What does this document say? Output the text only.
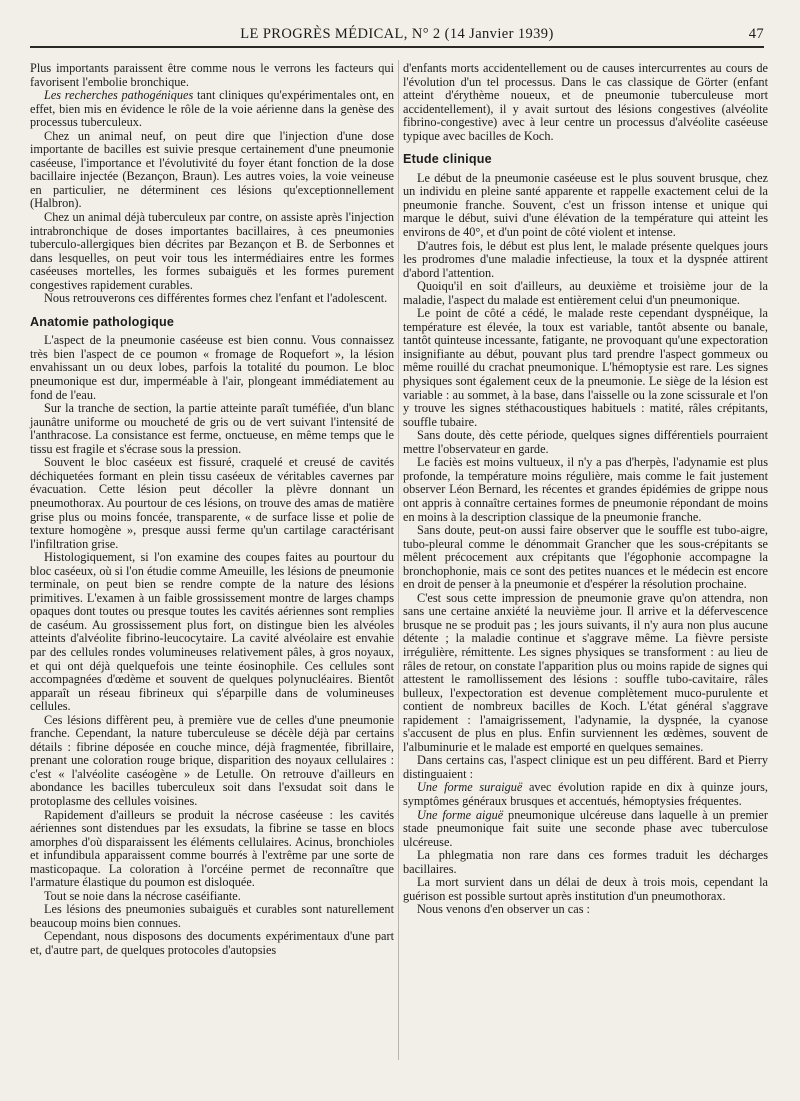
LE PROGRÈS MÉDICAL, N° 2 (14 Janvier 1939)	47

Plus importants paraissent être comme nous le verrons les facteurs qui favorisent l'embolie bronchique.

Les recherches pathogéniques tant cliniques qu'expérimentales ont, en effet, bien mis en évidence le rôle de la voie aérienne dans la genèse des processus tuberculeux.

Chez un animal neuf, on peut dire que l'injection d'une dose importante de bacilles est suivie presque certainement d'une pneumonie caséeuse, l'importance et l'évolutivité du foyer étant fonction de la dose bacillaire injectée (Bezançon, Braun). Les autres voies, la voie veineuse en particulier, ne déterminent ces lésions qu'exceptionnellement (Halbron).

Chez un animal déjà tuberculeux par contre, on assiste après l'injection intrabronchique de doses importantes bacillaires, à ces pneumonies tuberculo-allergiques bien décrites par Bezançon et B. de Serbonnes et dans lesquelles, on peut voir tous les intermédiaires entre les formes caséeuses mortelles, les formes subaiguës et les formes purement congestives rapidement curables.

Nous retrouverons ces différentes formes chez l'enfant et l'adolescent.

Anatomie pathologique

L'aspect de la pneumonie caséeuse est bien connu. Vous connaissez très bien l'aspect de ce poumon « fromage de Roquefort », la lésion envahissant un ou deux lobes, parfois la totalité du poumon. Le bloc pneumonique est dur, imperméable à l'air, plongeant immédiatement au fond de l'eau.

Sur la tranche de section, la partie atteinte paraît tuméfiée, d'un blanc jaunâtre uniforme ou moucheté de gris ou de vert suivant l'intensité de l'anthracose. La consistance est ferme, onctueuse, en même temps que le tissu est fragile et s'écrase sous la pression.

Souvent le bloc caséeux est fissuré, craquelé et creusé de cavités déchiquetées formant en plein tissu caséeux de véritables cavernes par évacuation. Cette lésion peut décoller la plèvre donnant un pneumothorax. Au pourtour de ces lésions, on trouve des amas de matière grise plus ou moins foncée, transparente, « de surface lisse et polie de texture homogène », presque aussi ferme qu'un cartilage caractérisant l'infiltration grise.

Histologiquement, si l'on examine des coupes faites au pourtour du bloc caséeux, où si l'on étudie comme Ameuille, les lésions de pneumonie terminale, on peut bien se rendre compte de la nature des lésions primitives. L'examen à un faible grossissement montre de larges champs opaques dont toutes ou presque toutes les cavités aériennes sont remplies de caséum. Au grossissement plus fort, on distingue bien les alvéoles atteints d'alvéolite fibrino-leucocytaire. La cavité alvéolaire est envahie par des cellules rondes volumineuses relativement pâles, à gros noyaux, et qui ont déjà quelquefois une teinte éosinophile. Ces cellules sont accompagnées d'œdème et souvent de quelques polynucléaires. Bientôt apparaît un réseau fibrineux qui s'éparpille dans de volumineuses cellules.

Ces lésions diffèrent peu, à première vue de celles d'une pneumonie franche. Cependant, la nature tuberculeuse se décèle déjà par certains détails : fibrine déposée en couche mince, déjà fragmentée, fibrillaire, prenant une coloration rouge brique, disparition des noyaux cellulaires : c'est « l'alvéolite caséogène » de Letulle. On retrouve d'ailleurs en abondance les bacilles tuberculeux soit dans l'exsudat soit dans le protoplasme des cellules voisines.

Rapidement d'ailleurs se produit la nécrose caséeuse : les cavités aériennes sont distendues par les exsudats, la fibrine se tasse en blocs amorphes d'où disparaissent les éléments cellulaires. Acinus, bronchioles et infundibula apparaissent comme bourrés à l'extrême par une sorte de masticopaque. La coloration à l'orcéine permet de reconnaître que l'armature élastique du poumon est disloquée.

Tout se noie dans la nécrose caséifiante.

Les lésions des pneumonies subaiguës et curables sont naturellement beaucoup moins bien connues.

Cependant, nous disposons des documents expérimentaux d'une part et, d'autre part, de quelques protocoles d'autopsies

d'enfants morts accidentellement ou de causes intercurrentes au cours de l'évolution d'un tel processus. Dans le cas classique de Görter (enfant atteint d'érythème noueux, et de pneumonie tuberculeuse mort accidentellement), il y avait surtout des lésions congestives (alvéolite fibrino-congestive) avec à leur centre un processus d'alvéolite caséeuse typique avec bacilles de Koch.

Etude clinique

Le début de la pneumonie caséeuse est le plus souvent brusque, chez un individu en pleine santé apparente et rappelle exactement celui de la pneumonie franche. Souvent, c'est un frisson intense et unique qui marque le début, suivi d'une élévation de la température qui atteint les environs de 40°, et d'un point de côté violent et intense.

D'autres fois, le début est plus lent, le malade présente quelques jours les prodromes d'une maladie infectieuse, la toux et la dyspnée attirent d'abord l'attention.

Quoiqu'il en soit d'ailleurs, au deuxième et troisième jour de la maladie, l'aspect du malade est entièrement celui d'un pneumonique.

Le point de côté a cédé, le malade reste cependant dyspnéique, la température est élevée, la toux est variable, tantôt absente ou banale, tantôt quinteuse incessante, fatigante, ne provoquant qu'une expectoration insignifiante au début, pouvant plus tard prendre l'aspect gommeux ou même rouillé du crachat pneumonique. L'hémoptysie est rare. Les signes physiques sont également ceux de la pneumonie. Le siège de la lésion est variable : au sommet, à la base, dans l'aisselle ou la zone scissurale et l'on y trouve les signes stéthacoustiques habituels : matité, râles crépitants, souffle tubaire.

Sans doute, dès cette période, quelques signes différentiels pourraient mettre l'observateur en garde.

Le faciès est moins vultueux, il n'y a pas d'herpès, l'adynamie est plus profonde, la température moins régulière, mais comme le fait justement observer Léon Bernard, les récentes et grandes épidémies de grippe nous ont appris à connaître certaines formes de pneumonie répondant de moins en moins à la description classique de la pneumonie franche.

Sans doute, peut-on aussi faire observer que le souffle est tubo-aigre, tubo-pleural comme le dénommait Grancher que les sous-crépitants se mêlent précocement aux crépitants que l'égophonie accompagne la bronchophonie, mais ce sont des petites nuances et le médecin est encore en droit de penser à la pneumonie et d'espérer la résolution prochaine.

C'est sous cette impression de pneumonie grave qu'on attendra, non sans une certaine anxiété la neuvième jour. Il arrive et la défervescence brusque ne se produit pas ; les jours suivants, il n'y aura non plus aucune détente ; la maladie continue et s'aggrave même. La fièvre persiste irrégulière, rémittente. Les signes physiques se transforment : au lieu de râles de retour, on constate l'apparition plus ou moins rapide de signes qui attestent le ramollissement des lésions : souffle tubo-cavitaire, râles bulleux, l'expectoration est devenue complètement muco-purulente et contient de nombreux bacilles de Koch. L'état général s'aggrave rapidement : l'amaigrissement, l'adynamie, la dyspnée, la cyanose s'accusent de plus en plus. Enfin surviennent les œdèmes, souvent de l'albuminurie et le malade est emporté en quelques semaines.

Dans certains cas, l'aspect clinique est un peu différent. Bard et Pierry distinguaient :

Une forme suraiguë avec évolution rapide en dix à quinze jours, symptômes généraux brusques et accentués, hémoptysies fréquentes.

Une forme aiguë pneumonique ulcéreuse dans laquelle à un premier stade pneumonique fait suite une seconde phase avec tuberculose ulcéreuse.

La phlegmatia non rare dans ces formes traduit les décharges bacillaires.

La mort survient dans un délai de deux à trois mois, cependant la guérison est possible surtout après institution d'un pneumothorax.

Nous venons d'en observer un cas :
